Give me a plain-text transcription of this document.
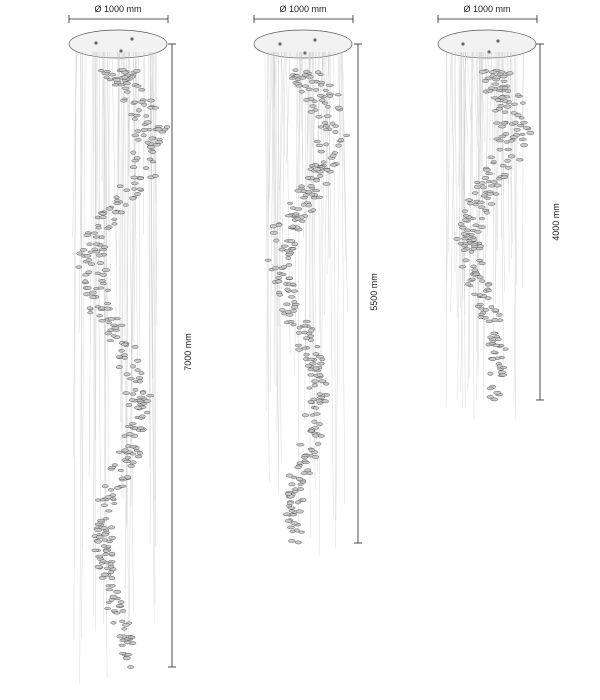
Ø 1000 mm
7000 mm
Ø 1000 mm
5500 mm
Ø 1000 mm
4000 mm
